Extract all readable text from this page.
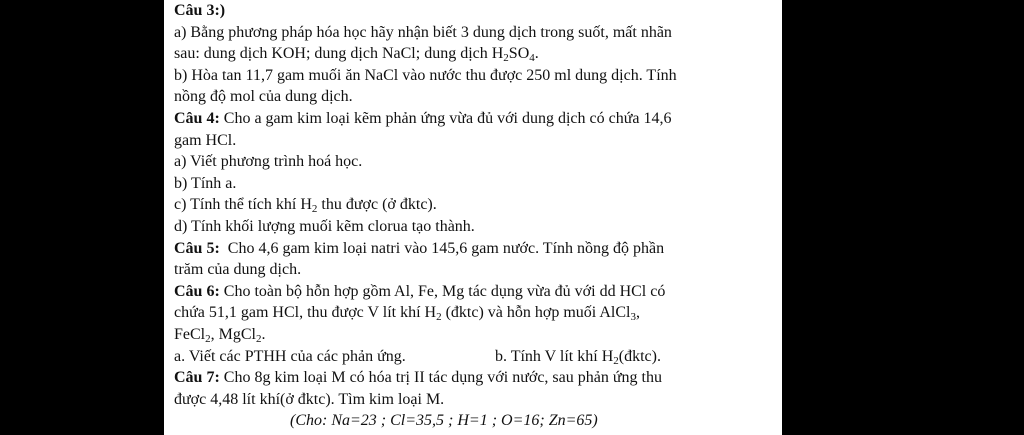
Câu 3:)
a) Bằng phương pháp hóa học hãy nhận biết 3 dung dịch trong suốt, mất nhãn
sau: dung dịch KOH; dung dịch NaCl; dung dịch $H_2SO_4$.
b) Hòa tan 11,7 gam muối ăn NaCl vào nước thu được 250 ml dung dịch. Tính
nồng độ mol của dung dịch.
Câu 4: Cho a gam kim loại kẽm phản ứng vừa đủ với dung dịch có chứa 14,6
gam HCl.
a) Viết phương trình hoá học.
b) Tính a.
c) Tính thể tích khí $H_2$ thu được (ở đktc).
d) Tính khối lượng muối kẽm clorua tạo thành.
Câu 5:  Cho 4,6 gam kim loại natri vào 145,6 gam nước. Tính nồng độ phần
trăm của dung dịch.
Câu 6: Cho toàn bộ hỗn hợp gồm Al, Fe, Mg tác dụng vừa đủ với dd HCl có
chứa 51,1 gam HCl, thu được V lít khí $H_2$ (đktc) và hỗn hợp muối AlCl$_3$,
FeCl$_2$, MgCl$_2$.
a. Viết các PTHH của các phản ứng.	b. Tính V lít khí $H_2(đktc)$.
Câu 7: Cho 8g kim loại M có hóa trị II tác dụng với nước, sau phản ứng thu
được 4,48 lít khí(ở đktc). Tìm kim loại M.
(Cho: Na=23 ; Cl=35,5 ; H=1 ; O=16; Zn=65)
